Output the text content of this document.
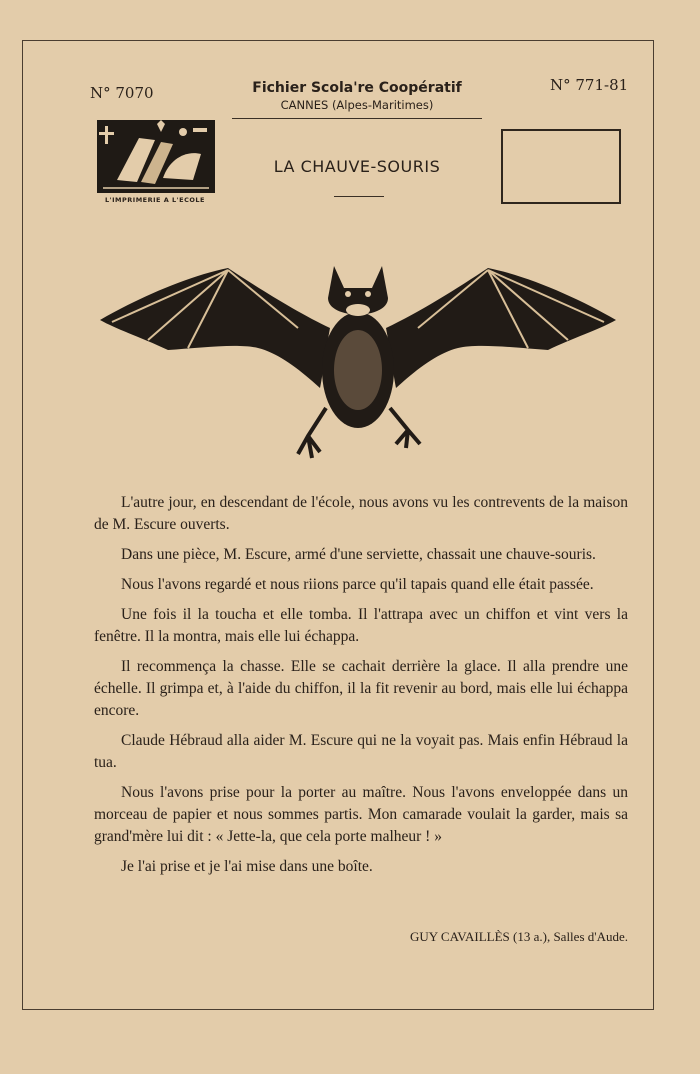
N° 7070	N° 771-81
Fichier Scola're Coopératif
CANNES (Alpes-Maritimes)
L'IMPRIMERIE A L'ECOLE
LA CHAUVE-SOURIS

L'autre jour, en descendant de l'école, nous avons vu les contrevents de la maison de M. Escure ouverts.

Dans une pièce, M. Escure, armé d'une serviette, chassait une chauve-souris.

Nous l'avons regardé et nous riions parce qu'il tapais quand elle était passée.

Une fois il la toucha et elle tomba. Il l'attrapa avec un chiffon et vint vers la fenêtre. Il la montra, mais elle lui échappa.

Il recommença la chasse. Elle se cachait derrière la glace. Il alla prendre une échelle. Il grimpa et, à l'aide du chiffon, il la fit revenir au bord, mais elle lui échappa encore.

Claude Hébraud alla aider M. Escure qui ne la voyait pas. Mais enfin Hébraud la tua.

Nous l'avons prise pour la porter au maître. Nous l'avons enveloppée dans un morceau de papier et nous sommes partis. Mon camarade voulait la garder, mais sa grand'mère lui dit : « Jette-la, que cela porte malheur ! »

Je l'ai prise et je l'ai mise dans une boîte.

GUY CAVAILLÈS (13 a.), Salles d'Aude.
